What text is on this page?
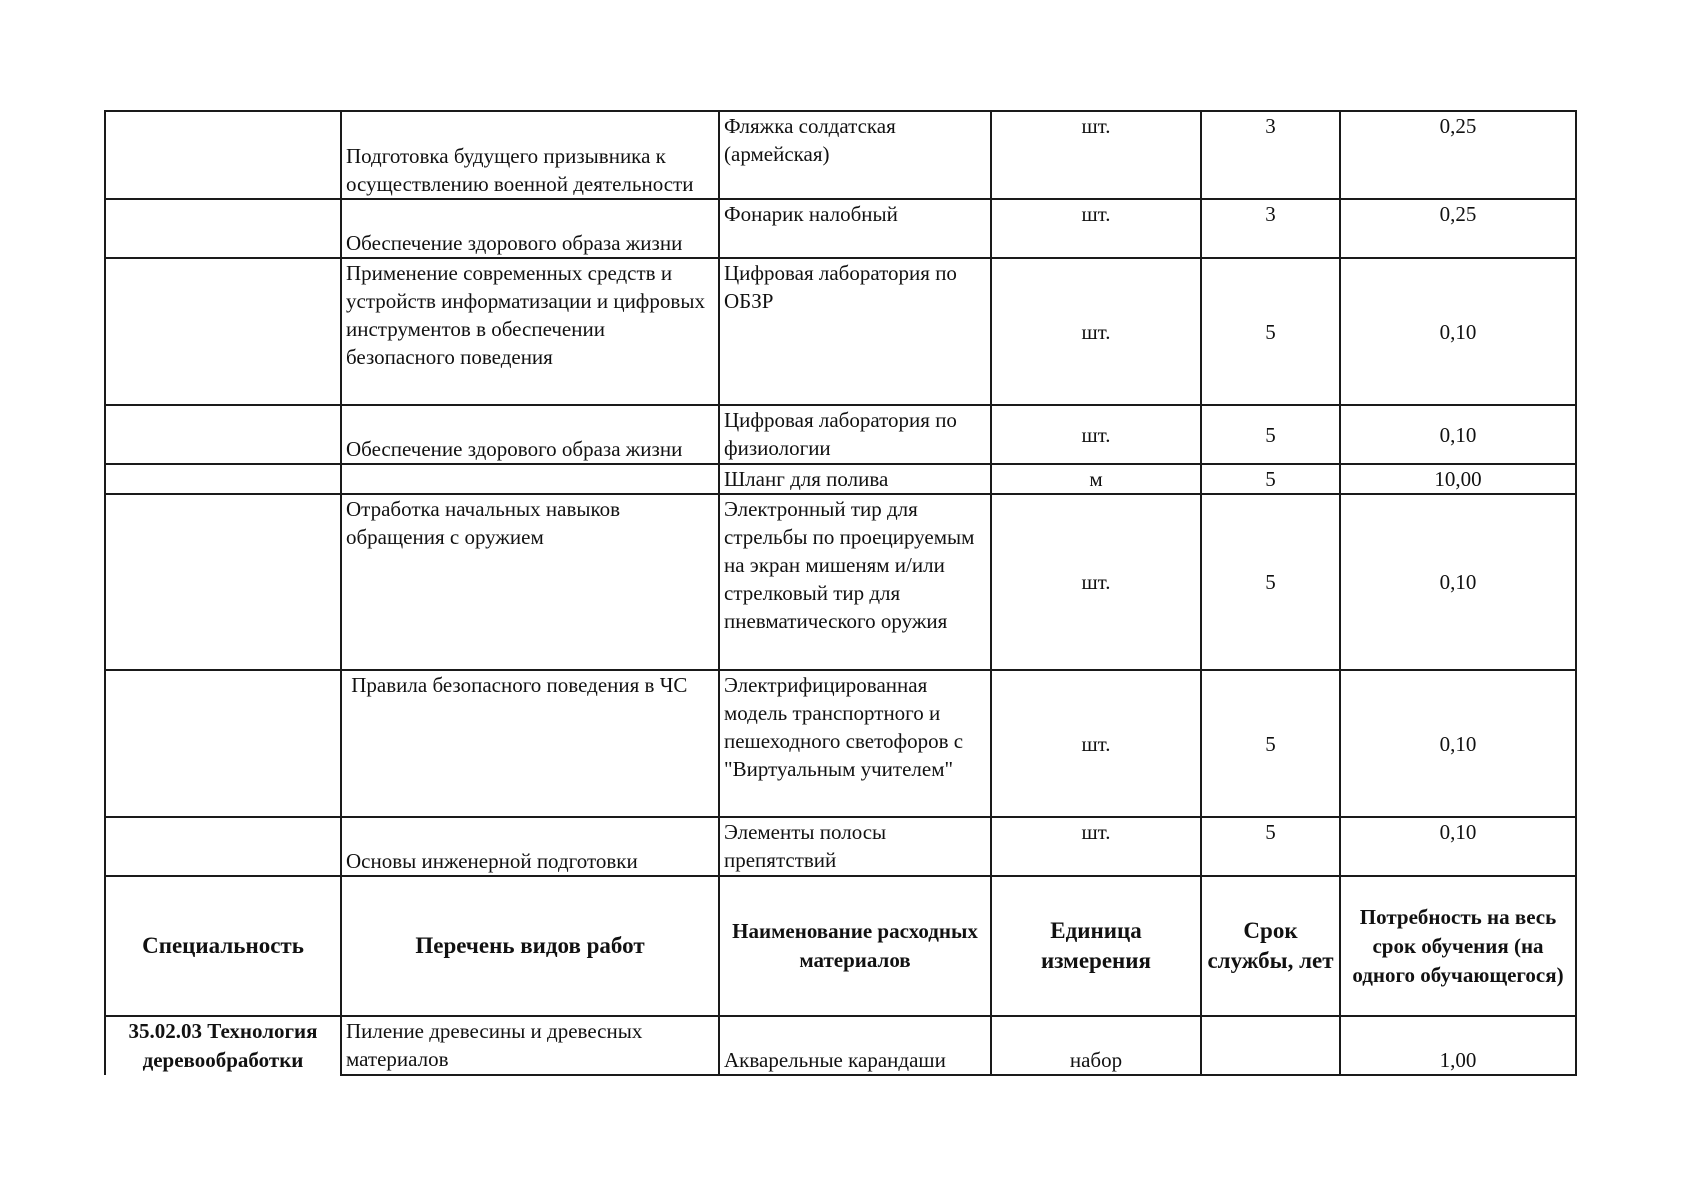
	Подготовка будущего призывника к осуществлению военной деятельности	Фляжка солдатская (армейская)	шт.	3	0,25
	Обеспечение здорового образа жизни	Фонарик налобный	шт.	3	0,25
	Применение современных средств и устройств информатизации и цифровых инструментов в обеспечении безопасного поведения	Цифровая лаборатория по ОБЗР	шт.	5	0,10
	Обеспечение здорового образа жизни	Цифровая лаборатория по физиологии	шт.	5	0,10
		Шланг для полива	м	5	10,00
	Отработка начальных навыков обращения с оружием	Электронный тир для стрельбы по проецируемым на экран мишеням и/или стрелковый тир для пневматического оружия	шт.	5	0,10
	Правила безопасного поведения в ЧС	Электрифицированная модель транспортного и пешеходного светофоров с "Виртуальным учителем"	шт.	5	0,10
	Основы инженерной подготовки	Элементы полосы препятствий	шт.	5	0,10
Специальность	Перечень видов работ	Наименование расходных материалов	Единица измерения	Срок службы, лет	Потребность на весь срок обучения (на одного обучающегося)
35.02.03 Технология деревообработки	Пиление древесины и древесных материалов	Акварельные карандаши	набор		1,00
